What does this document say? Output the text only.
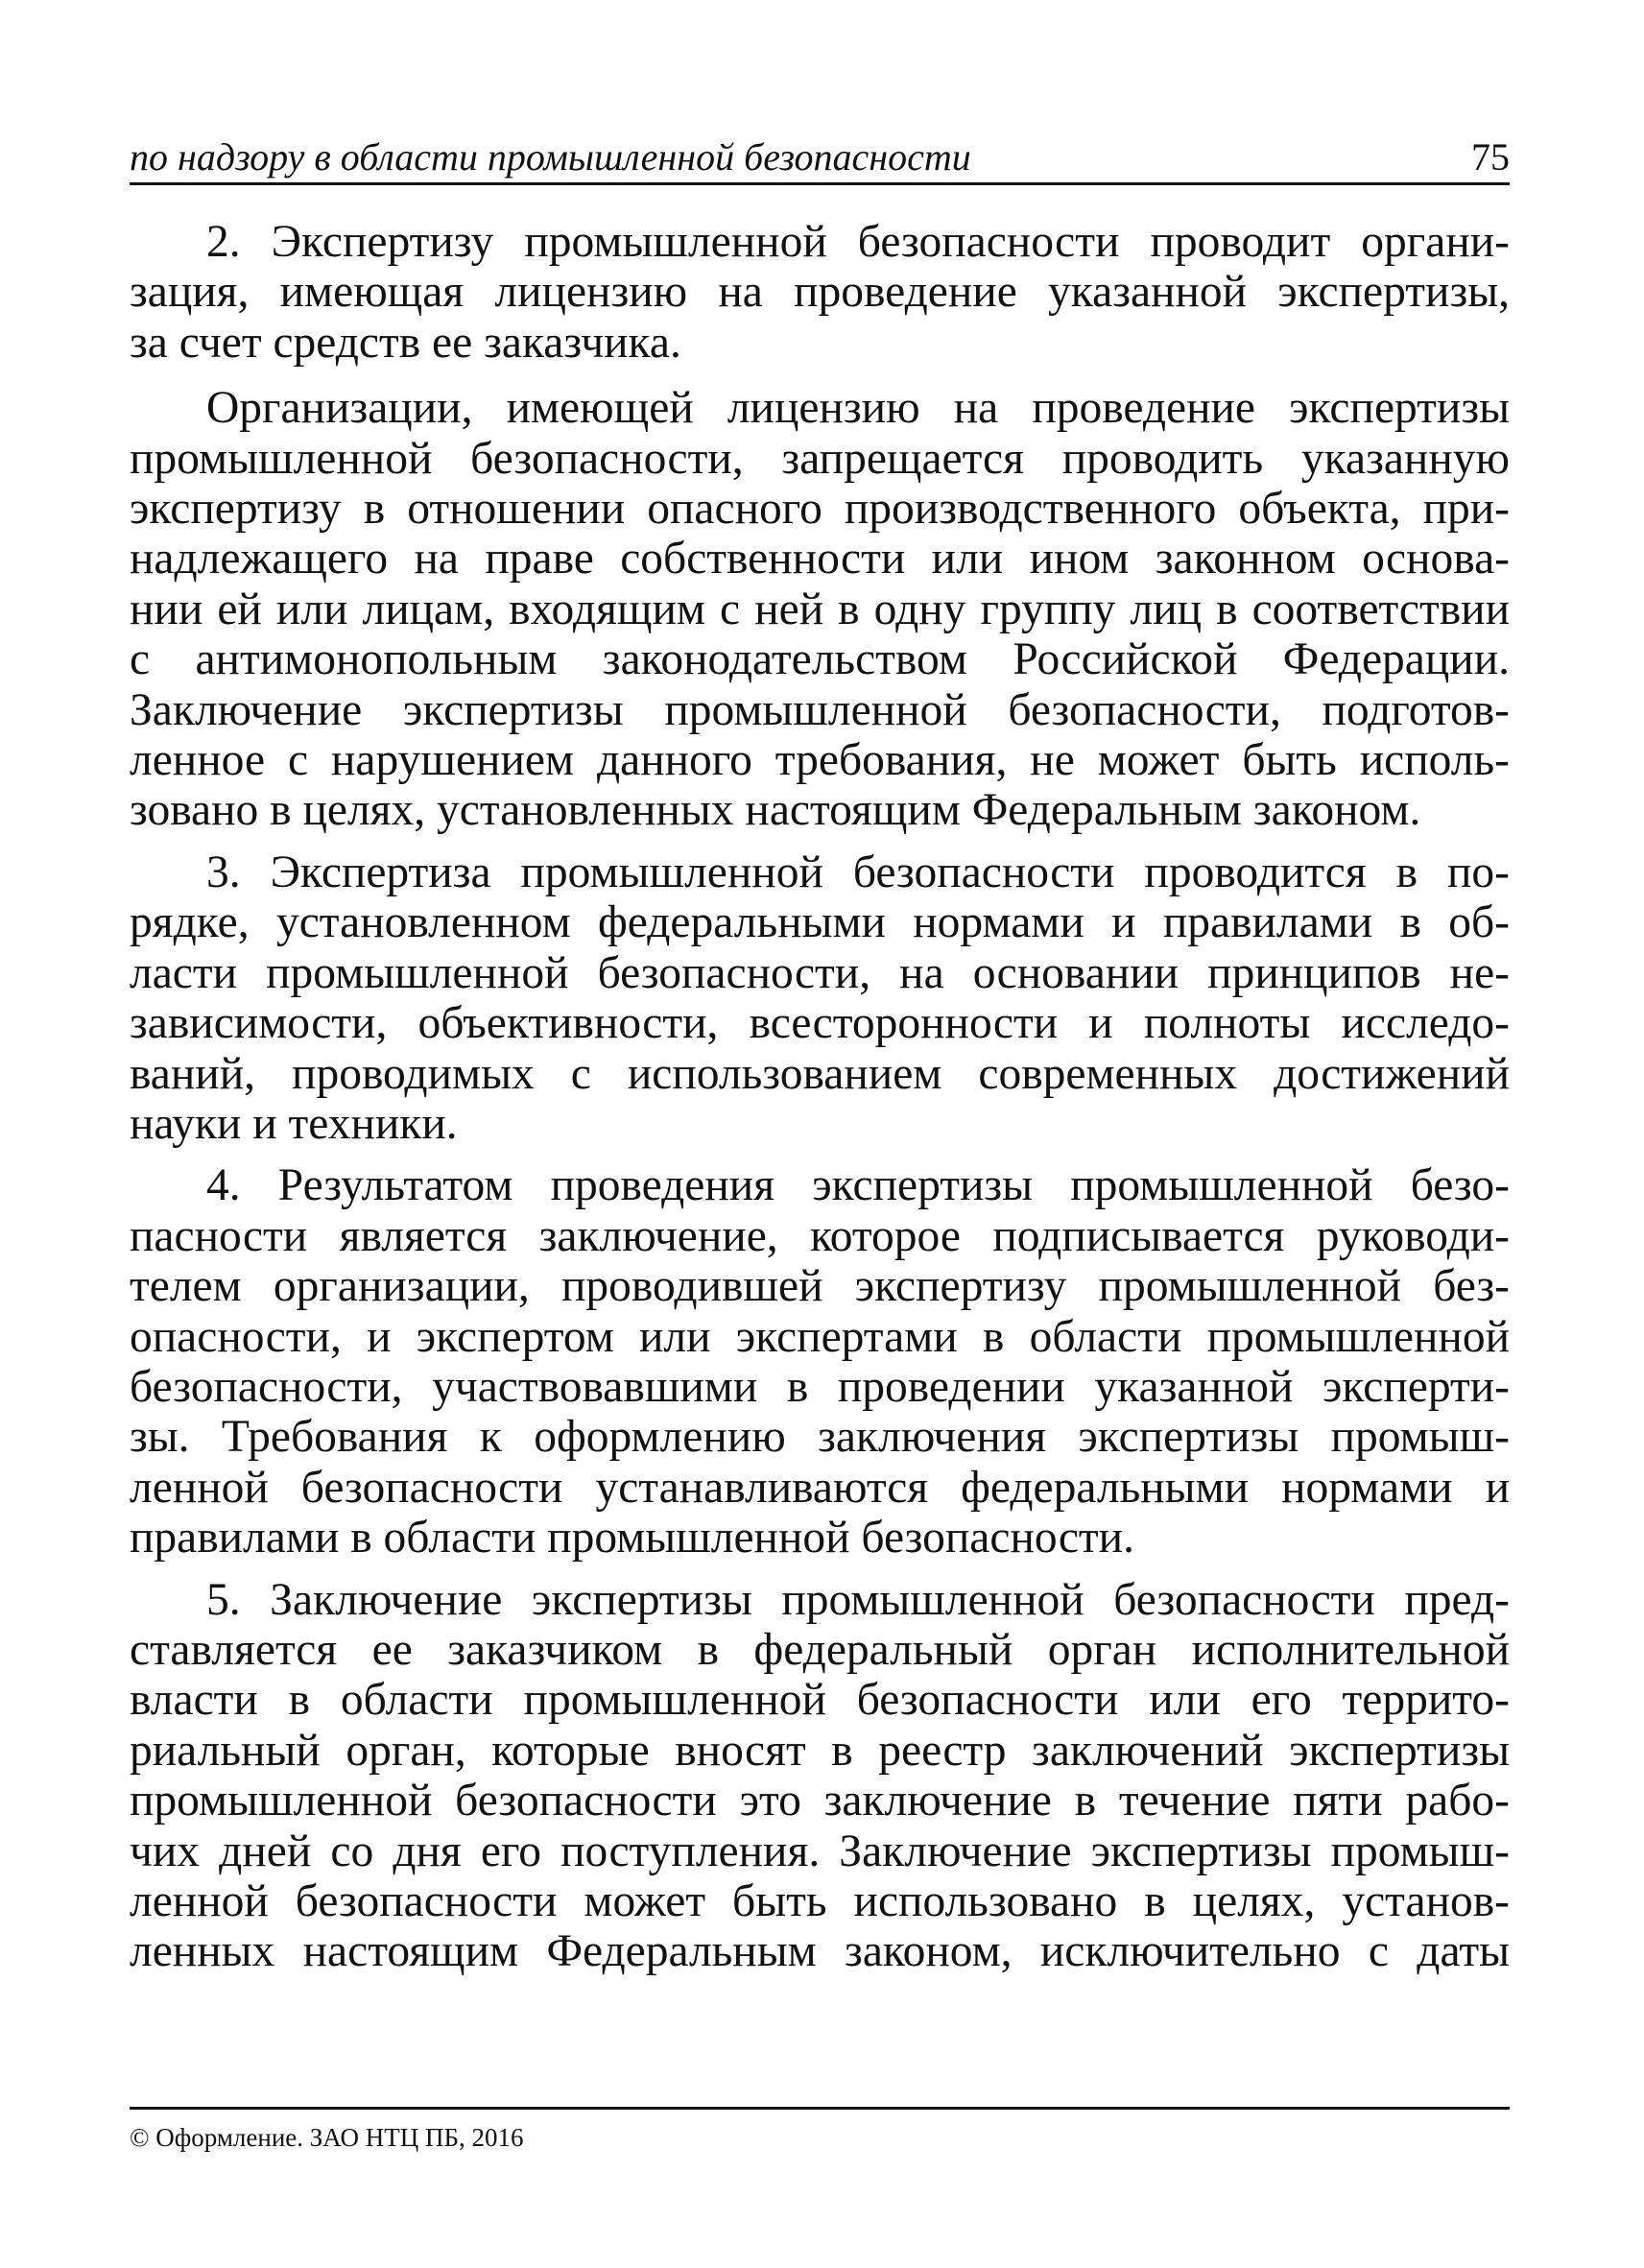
по надзору в области промышленной безопасности	75

2. Экспертизу промышленной безопасности проводит органи-
зация, имеющая лицензию на проведение указанной экспертизы,
за счет средств ее заказчика.

Организации, имеющей лицензию на проведение экспертизы
промышленной безопасности, запрещается проводить указанную
экспертизу в отношении опасного производственного объекта, при-
надлежащего на праве собственности или ином законном основа-
нии ей или лицам, входящим с ней в одну группу лиц в соответствии
с антимонопольным законодательством Российской Федерации.
Заключение экспертизы промышленной безопасности, подготов-
ленное с нарушением данного требования, не может быть исполь-
зовано в целях, установленных настоящим Федеральным законом.

3. Экспертиза промышленной безопасности проводится в по-
рядке, установленном федеральными нормами и правилами в об-
ласти промышленной безопасности, на основании принципов не-
зависимости, объективности, всесторонности и полноты исследо-
ваний, проводимых с использованием современных достижений
науки и техники.

4. Результатом проведения экспертизы промышленной безо-
пасности является заключение, которое подписывается руководи-
телем организации, проводившей экспертизу промышленной без-
опасности, и экспертом или экспертами в области промышленной
безопасности, участвовавшими в проведении указанной эксперти-
зы. Требования к оформлению заключения экспертизы промыш-
ленной безопасности устанавливаются федеральными нормами и
правилами в области промышленной безопасности.

5. Заключение экспертизы промышленной безопасности пред-
ставляется ее заказчиком в федеральный орган исполнительной
власти в области промышленной безопасности или его террито-
риальный орган, которые вносят в реестр заключений экспертизы
промышленной безопасности это заключение в течение пяти рабо-
чих дней со дня его поступления. Заключение экспертизы промыш-
ленной безопасности может быть использовано в целях, установ-
ленных настоящим Федеральным законом, исключительно с даты

© Оформление. ЗАО НТЦ ПБ, 2016
